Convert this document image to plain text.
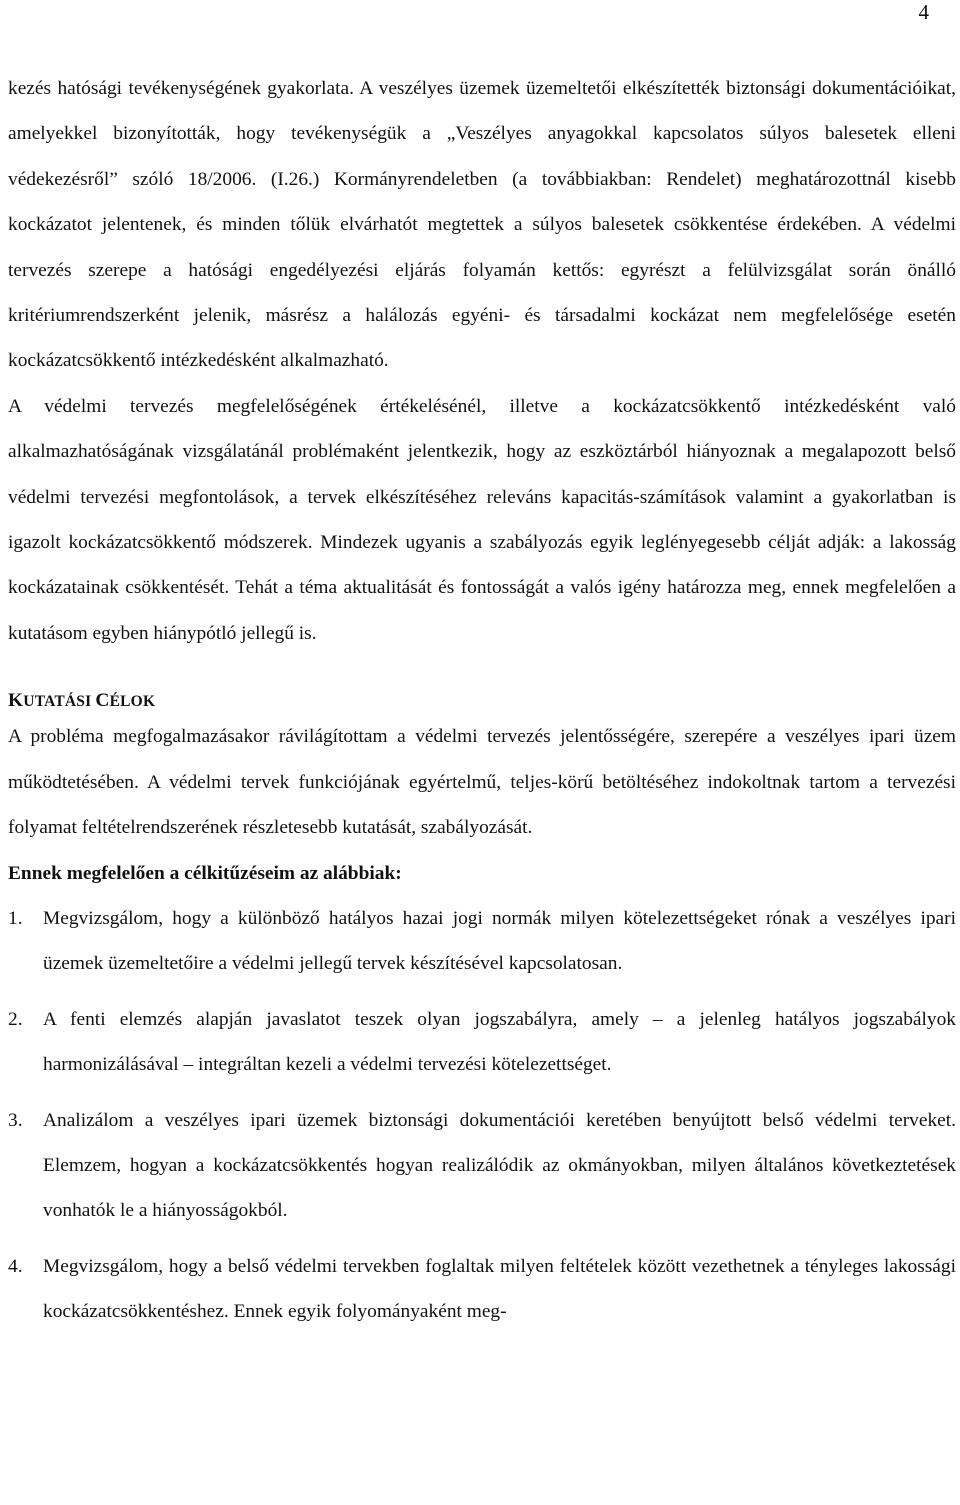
4

kezés hatósági tevékenységének gyakorlata. A veszélyes üzemek üzemeltetői elkészítették biztonsági dokumentációikat, amelyekkel bizonyították, hogy tevékenységük a „Veszélyes anyagokkal kapcsolatos súlyos balesetek elleni védekezésről” szóló 18/2006. (I.26.) Kormányrendeletben (a továbbiakban: Rendelet) meghatározottnál kisebb kockázatot jelentenek, és minden tőlük elvárhatót megtettek a súlyos balesetek csökkentése érdekében. A védelmi tervezés szerepe a hatósági engedélyezési eljárás folyamán kettős: egyrészt a felülvizsgálat során önálló kritériumrendszerként jelenik, másrész a halálozás egyéni- és társadalmi kockázat nem megfelelősége esetén kockázatcsökkentő intézkedésként alkalmazható.

A védelmi tervezés megfelelőségének értékelésénél, illetve a kockázatcsökkentő intézkedésként való alkalmazhatóságának vizsgálatánál problémaként jelentkezik, hogy az eszköztárból hiányoznak a megalapozott belső védelmi tervezési megfontolások, a tervek elkészítéséhez releváns kapacitás-számítások valamint a gyakorlatban is igazolt kockázatcsökkentő módszerek. Mindezek ugyanis a szabályozás egyik leglényegesebb célját adják: a lakosság kockázatainak csökkentését. Tehát a téma aktualitását és fontosságát a valós igény határozza meg, ennek megfelelően a kutatásom egyben hiánypótló jellegű is.

KUTATÁSI CÉLOK

A probléma megfogalmazásakor rávilágítottam a védelmi tervezés jelentősségére, szerepére a veszélyes ipari üzem működtetésében. A védelmi tervek funkciójának egyértelmű, teljes-körű betöltéséhez indokoltnak tartom a tervezési folyamat feltételrendszerének részletesebb kutatását, szabályozását.

Ennek megfelelően a célkitűzéseim az alábbiak:

1. Megvizsgálom, hogy a különböző hatályos hazai jogi normák milyen kötelezettségeket rónak a veszélyes ipari üzemek üzemeltetőire a védelmi jellegű tervek készítésével kapcsolatosan.
2. A fenti elemzés alapján javaslatot teszek olyan jogszabályra, amely – a jelenleg hatályos jogszabályok harmonizálásával – integráltan kezeli a védelmi tervezési kötelezettséget.
3. Analizálom a veszélyes ipari üzemek biztonsági dokumentációi keretében benyújtott belső védelmi terveket. Elemzem, hogyan a kockázatcsökkentés hogyan realizálódik az okmányokban, milyen általános következtetések vonhatók le a hiányosságokból.
4. Megvizsgálom, hogy a belső védelmi tervekben foglaltak milyen feltételek között vezethetnek a tényleges lakossági kockázatcsökkentéshez. Ennek egyik folyományaként meg-
